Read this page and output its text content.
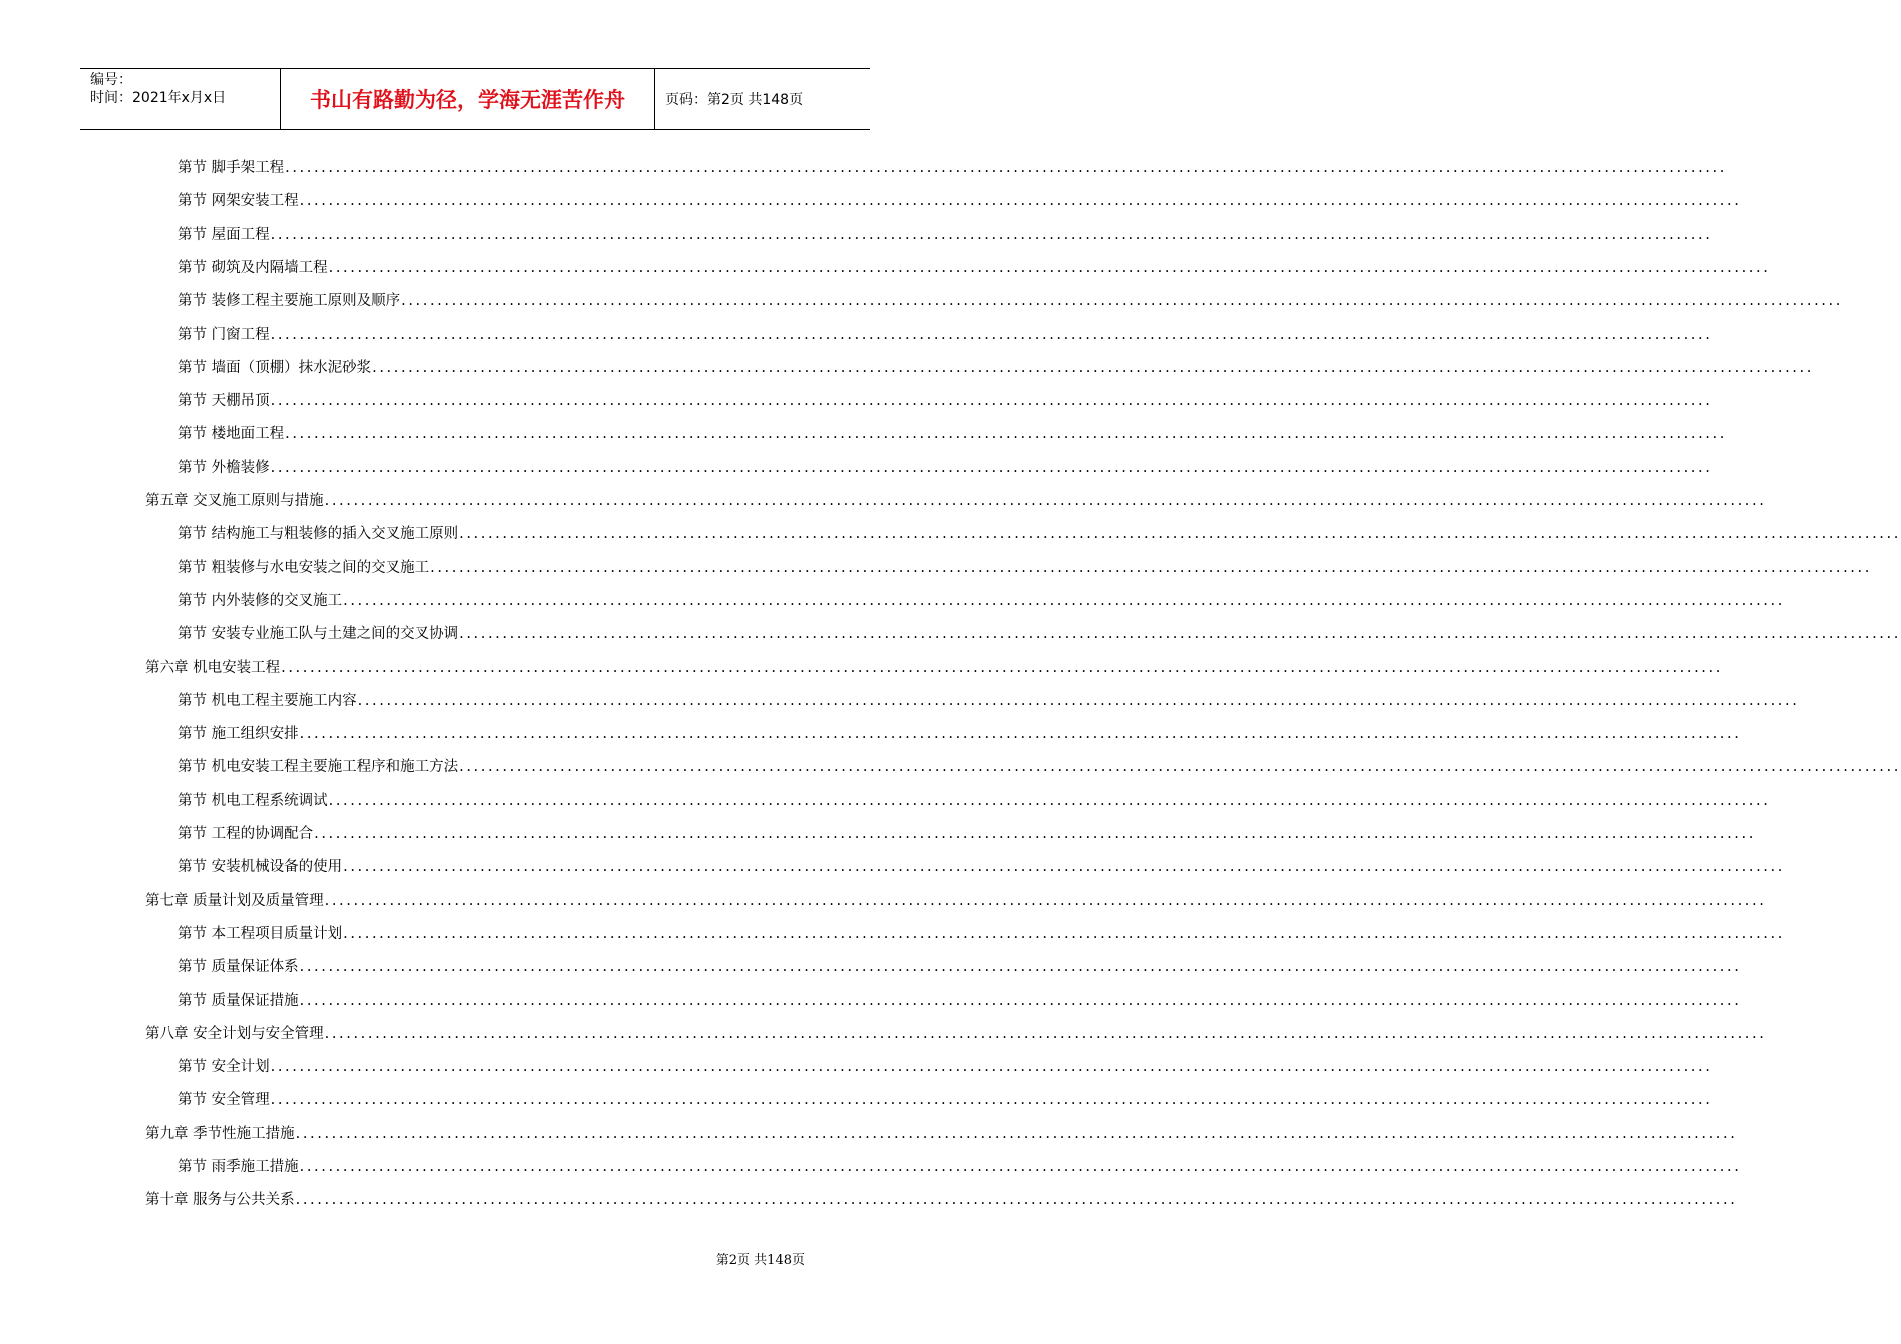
编号：
时间：2021年x月x日	书山有路勤为径，学海无涯苦作舟	页码：第2页 共148页
第节 脚手架工程 ........................................................................................................................................................................................................
第节 网架安装工程 ........................................................................................................................................................................................................
第节 屋面工程 ........................................................................................................................................................................................................
第节 砌筑及内隔墙工程 ........................................................................................................................................................................................................
第节 装修工程主要施工原则及顺序 ........................................................................................................................................................................................................
第节 门窗工程 ........................................................................................................................................................................................................
第节 墙面（顶棚）抹水泥砂浆 ........................................................................................................................................................................................................
第节 天棚吊顶 ........................................................................................................................................................................................................
第节 楼地面工程 ........................................................................................................................................................................................................
第节 外檐装修 ........................................................................................................................................................................................................
第五章 交叉施工原则与措施 ........................................................................................................................................................................................................
第节 结构施工与粗装修的插入交叉施工原则 ........................................................................................................................................................................................................
第节 粗装修与水电安装之间的交叉施工 ........................................................................................................................................................................................................
第节 内外装修的交叉施工 ........................................................................................................................................................................................................
第节 安装专业施工队与土建之间的交叉协调 ........................................................................................................................................................................................................
第六章 机电安装工程 ........................................................................................................................................................................................................
第节 机电工程主要施工内容 ........................................................................................................................................................................................................
第节 施工组织安排 ........................................................................................................................................................................................................
第节 机电安装工程主要施工程序和施工方法 ........................................................................................................................................................................................................
第节 机电工程系统调试 ........................................................................................................................................................................................................
第节 工程的协调配合 ........................................................................................................................................................................................................
第节 安装机械设备的使用 ........................................................................................................................................................................................................
第七章 质量计划及质量管理 ........................................................................................................................................................................................................
第节 本工程项目质量计划 ........................................................................................................................................................................................................
第节 质量保证体系 ........................................................................................................................................................................................................
第节 质量保证措施 ........................................................................................................................................................................................................
第八章 安全计划与安全管理 ........................................................................................................................................................................................................
第节 安全计划 ........................................................................................................................................................................................................
第节 安全管理 ........................................................................................................................................................................................................
第九章 季节性施工措施 ........................................................................................................................................................................................................
第节 雨季施工措施 ........................................................................................................................................................................................................
第十章 服务与公共关系 ........................................................................................................................................................................................................
第2页 共148页
